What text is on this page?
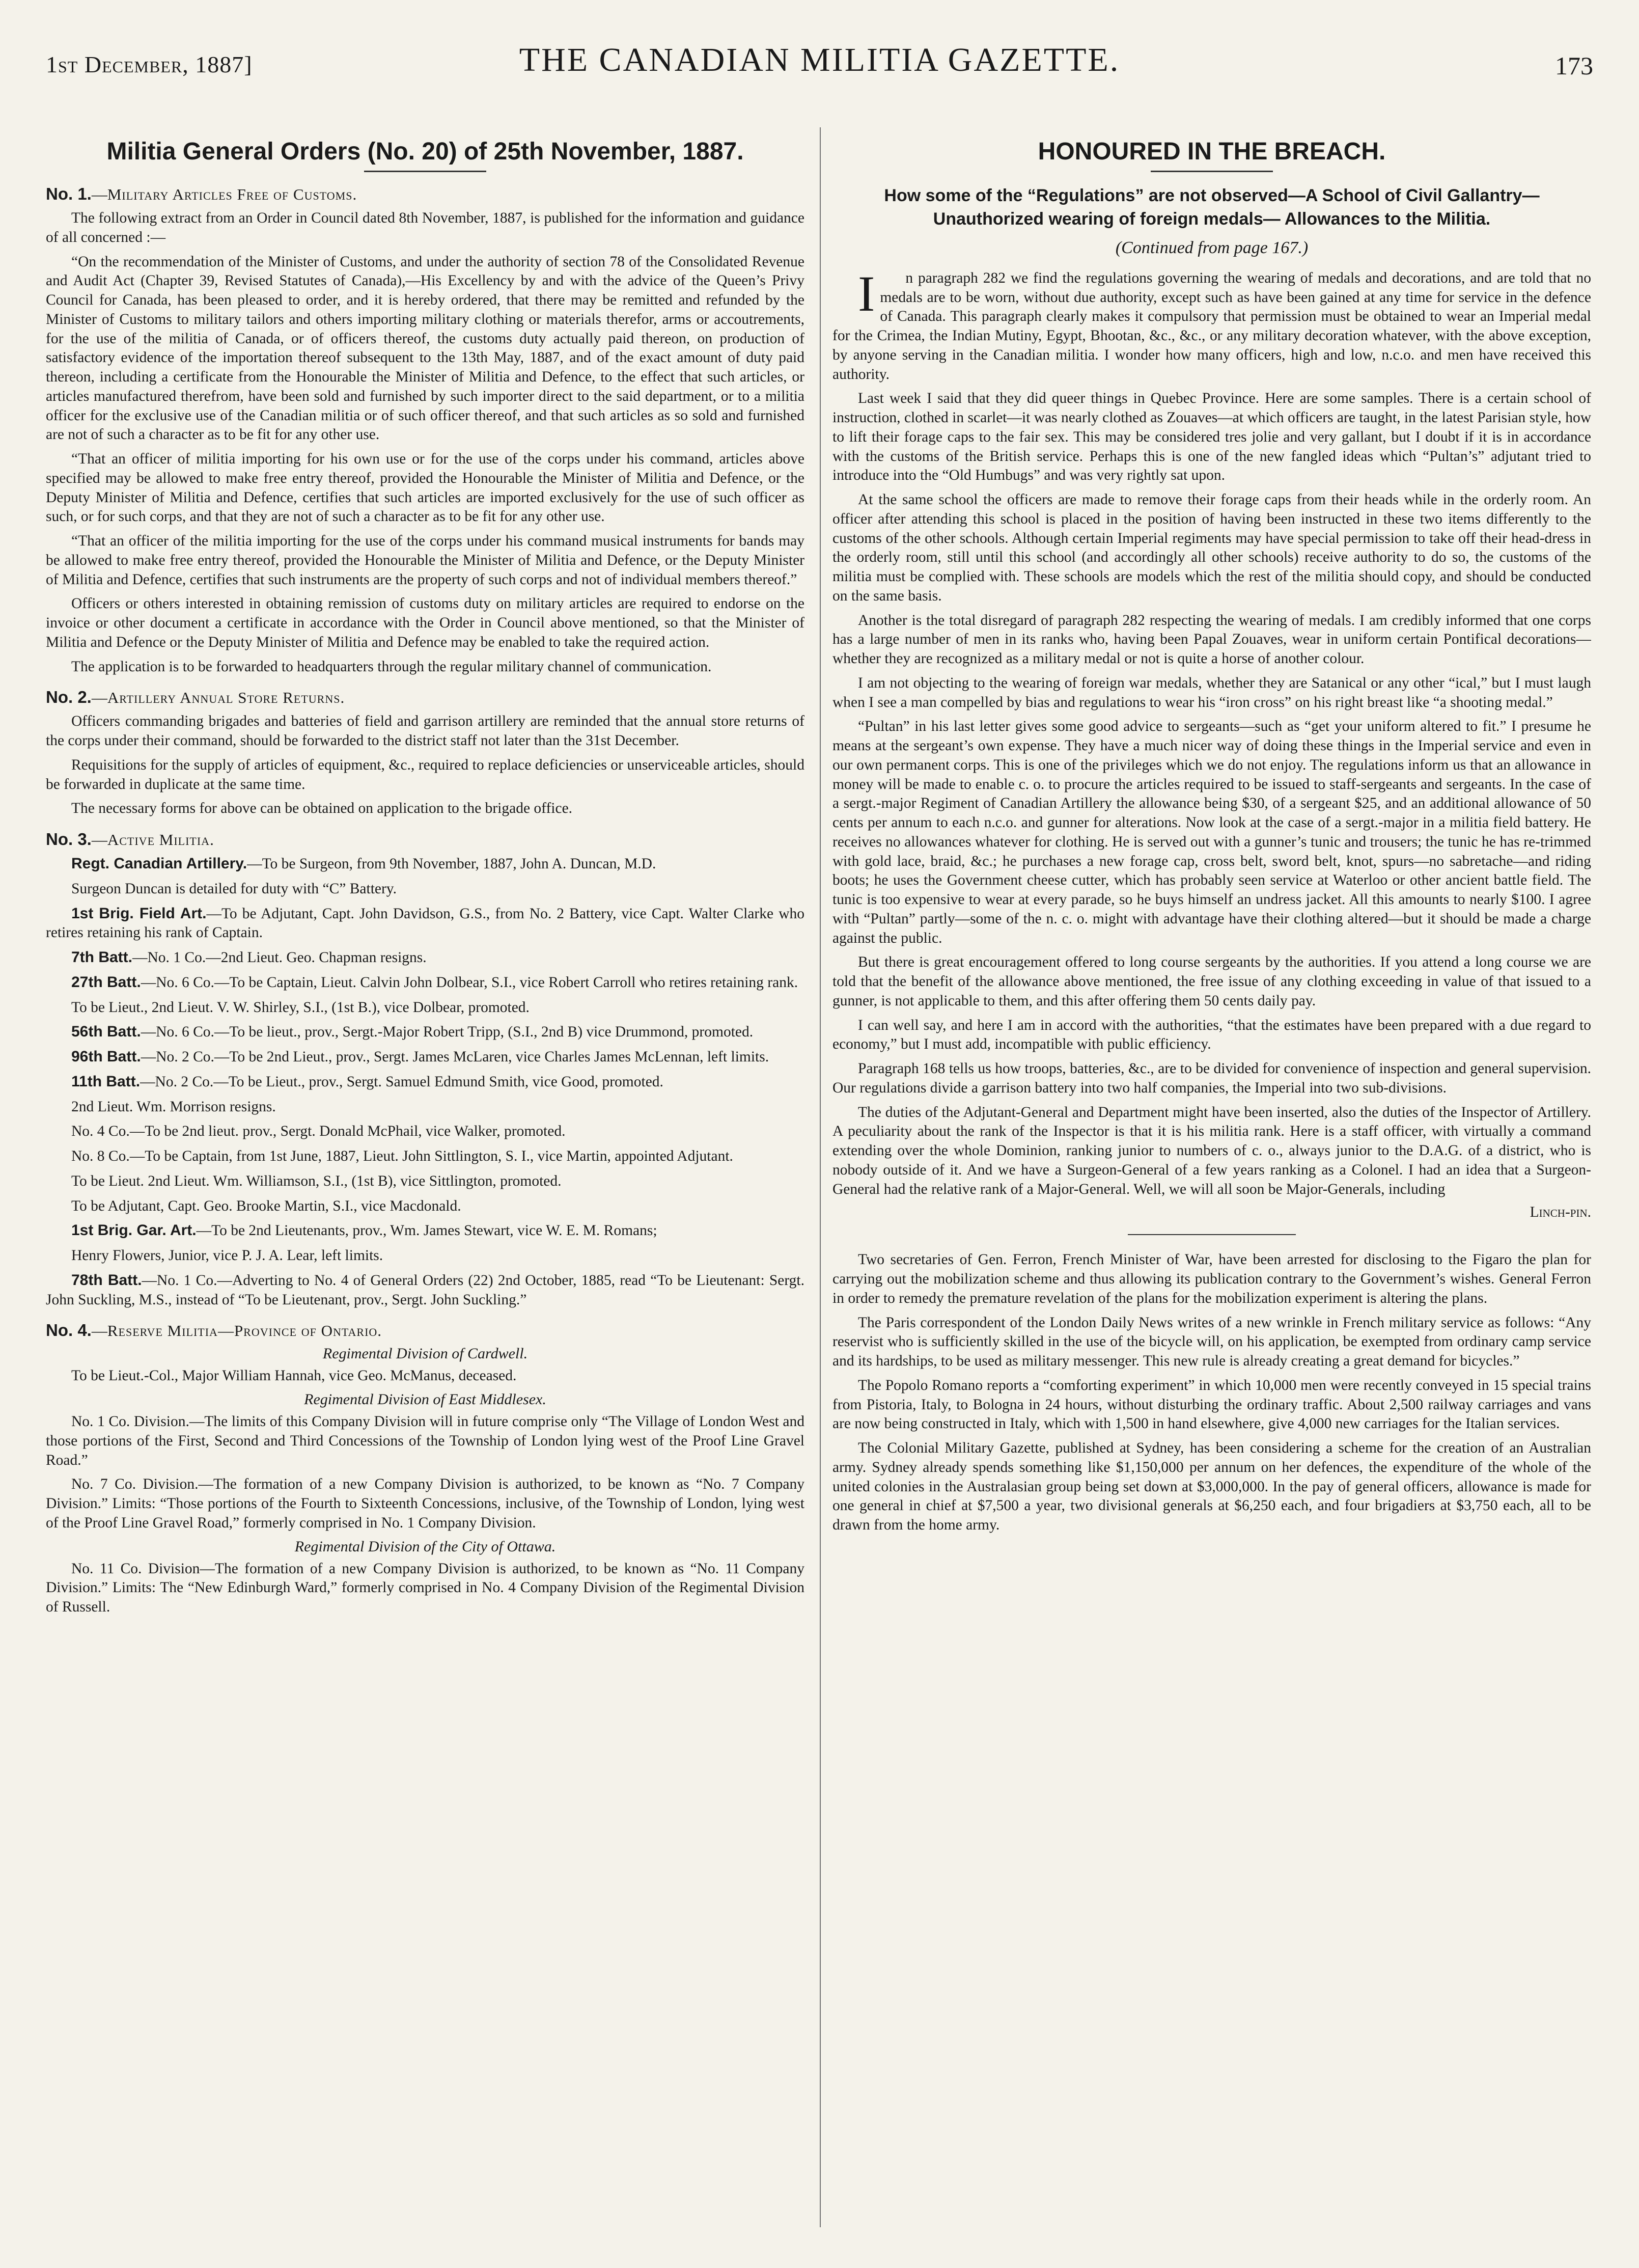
1st December, 1887]	THE CANADIAN MILITIA GAZETTE.	173
Militia General Orders (No. 20) of 25th November, 1887.
No. 1.—Military Articles Free of Customs.

The following extract from an Order in Council dated 8th November, 1887, is published for the information and guidance of all concerned :—

“On the recommendation of the Minister of Customs, and under the authority of section 78 of the Consolidated Revenue and Audit Act (Chapter 39, Revised Statutes of Canada),—His Excellency by and with the advice of the Queen’s Privy Council for Canada, has been pleased to order, and it is hereby ordered, that there may be remitted and refunded by the Minister of Customs to military tailors and others importing military clothing or materials therefor, arms or accoutrements, for the use of the militia of Canada, or of officers thereof, the customs duty actually paid thereon, on production of satisfactory evidence of the importation thereof subsequent to the 13th May, 1887, and of the exact amount of duty paid thereon, including a certificate from the Honourable the Minister of Militia and Defence, to the effect that such articles, or articles manufactured therefrom, have been sold and furnished by such importer direct to the said department, or to a militia officer for the exclusive use of the Canadian militia or of such officer thereof, and that such articles as so sold and furnished are not of such a character as to be fit for any other use.

“That an officer of militia importing for his own use or for the use of the corps under his command, articles above specified may be allowed to make free entry thereof, provided the Honourable the Minister of Militia and Defence, or the Deputy Minister of Militia and Defence, certifies that such articles are imported exclusively for the use of such officer as such, or for such corps, and that they are not of such a character as to be fit for any other use.

“That an officer of the militia importing for the use of the corps under his command musical instruments for bands may be allowed to make free entry thereof, provided the Honourable the Minister of Militia and Defence, or the Deputy Minister of Militia and Defence, certifies that such instruments are the property of such corps and not of individual members thereof.”

Officers or others interested in obtaining remission of customs duty on military articles are required to endorse on the invoice or other document a certificate in accordance with the Order in Council above mentioned, so that the Minister of Militia and Defence or the Deputy Minister of Militia and Defence may be enabled to take the required action.

The application is to be forwarded to headquarters through the regular military channel of communication.

No. 2.—Artillery Annual Store Returns.

Officers commanding brigades and batteries of field and garrison artillery are reminded that the annual store returns of the corps under their command, should be forwarded to the district staff not later than the 31st December.

Requisitions for the supply of articles of equipment, &c., required to replace deficiencies or unserviceable articles, should be forwarded in duplicate at the same time.

The necessary forms for above can be obtained on application to the brigade office.

No. 3.—Active Militia.

Regt. Canadian Artillery.—To be Surgeon, from 9th November, 1887, John A. Duncan, M.D.

Surgeon Duncan is detailed for duty with “C” Battery.

1st Brig. Field Art.—To be Adjutant, Capt. John Davidson, G.S., from No. 2 Battery, vice Capt. Walter Clarke who retires retaining his rank of Captain.

7th Batt.—No. 1 Co.—2nd Lieut. Geo. Chapman resigns.

27th Batt.—No. 6 Co.—To be Captain, Lieut. Calvin John Dolbear, S.I., vice Robert Carroll who retires retaining rank.

To be Lieut., 2nd Lieut. V. W. Shirley, S.I., (1st B.), vice Dolbear, promoted.

56th Batt.—No. 6 Co.—To be lieut., prov., Sergt.-Major Robert Tripp, (S.I., 2nd B) vice Drummond, promoted.

96th Batt.—No. 2 Co.—To be 2nd Lieut., prov., Sergt. James McLaren, vice Charles James McLennan, left limits.

11th Batt.—No. 2 Co.—To be Lieut., prov., Sergt. Samuel Edmund Smith, vice Good, promoted.

2nd Lieut. Wm. Morrison resigns.

No. 4 Co.—To be 2nd lieut. prov., Sergt. Donald McPhail, vice Walker, promoted.

No. 8 Co.—To be Captain, from 1st June, 1887, Lieut. John Sittlington, S. I., vice Martin, appointed Adjutant.

To be Lieut. 2nd Lieut. Wm. Williamson, S.I., (1st B), vice Sittlington, promoted.

To be Adjutant, Capt. Geo. Brooke Martin, S.I., vice Macdonald.

1st Brig. Gar. Art.—To be 2nd Lieutenants, prov., Wm. James Stewart, vice W. E. M. Romans;

Henry Flowers, Junior, vice P. J. A. Lear, left limits.

78th Batt.—No. 1 Co.—Adverting to No. 4 of General Orders (22) 2nd October, 1885, read “To be Lieutenant: Sergt. John Suckling, M.S., instead of “To be Lieutenant, prov., Sergt. John Suckling.”

No. 4.—Reserve Militia—Province of Ontario.
Regimental Division of Cardwell.

To be Lieut.-Col., Major William Hannah, vice Geo. McManus, deceased.

Regimental Division of East Middlesex.

No. 1 Co. Division.—The limits of this Company Division will in future comprise only “The Village of London West and those portions of the First, Second and Third Concessions of the Township of London lying west of the Proof Line Gravel Road.”

No. 7 Co. Division.—The formation of a new Company Division is authorized, to be known as “No. 7 Company Division.” Limits: “Those portions of the Fourth to Sixteenth Concessions, inclusive, of the Township of London, lying west of the Proof Line Gravel Road,” formerly comprised in No. 1 Company Division.

Regimental Division of the City of Ottawa.

No. 11 Co. Division—The formation of a new Company Division is authorized, to be known as “No. 11 Company Division.” Limits: The “New Edinburgh Ward,” formerly comprised in No. 4 Company Division of the Regimental Division of Russell.

HONOURED IN THE BREACH.
How some of the “Regulations” are not observed—A School of Civil Gallantry—Unauthorized wearing of foreign medals— Allowances to the Militia.
(Continued from page 167.)

In paragraph 282 we find the regulations governing the wearing of medals and decorations, and are told that no medals are to be worn, without due authority, except such as have been gained at any time for service in the defence of Canada. This paragraph clearly makes it compulsory that permission must be obtained to wear an Imperial medal for the Crimea, the Indian Mutiny, Egypt, Bhootan, &c., &c., or any military decoration whatever, with the above exception, by anyone serving in the Canadian militia. I wonder how many officers, high and low, n.c.o. and men have received this authority.

Last week I said that they did queer things in Quebec Province. Here are some samples. There is a certain school of instruction, clothed in scarlet—it was nearly clothed as Zouaves—at which officers are taught, in the latest Parisian style, how to lift their forage caps to the fair sex. This may be considered tres jolie and very gallant, but I doubt if it is in accordance with the customs of the British service. Perhaps this is one of the new fangled ideas which “Pultan’s” adjutant tried to introduce into the “Old Humbugs” and was very rightly sat upon.

At the same school the officers are made to remove their forage caps from their heads while in the orderly room. An officer after attending this school is placed in the position of having been instructed in these two items differently to the customs of the other schools. Although certain Imperial regiments may have special permission to take off their head-dress in the orderly room, still until this school (and accordingly all other schools) receive authority to do so, the customs of the militia must be complied with. These schools are models which the rest of the militia should copy, and should be conducted on the same basis.

Another is the total disregard of paragraph 282 respecting the wearing of medals. I am credibly informed that one corps has a large number of men in its ranks who, having been Papal Zouaves, wear in uniform certain Pontifical decorations—whether they are recognized as a military medal or not is quite a horse of another colour.

I am not objecting to the wearing of foreign war medals, whether they are Satanical or any other “ical,” but I must laugh when I see a man compelled by bias and regulations to wear his “iron cross” on his right breast like “a shooting medal.”

“Pultan” in his last letter gives some good advice to sergeants—such as “get your uniform altered to fit.” I presume he means at the sergeant’s own expense. They have a much nicer way of doing these things in the Imperial service and even in our own permanent corps. This is one of the privileges which we do not enjoy. The regulations inform us that an allowance in money will be made to enable c. o. to procure the articles required to be issued to staff-sergeants and sergeants. In the case of a sergt.-major Regiment of Canadian Artillery the allowance being $30, of a sergeant $25, and an additional allowance of 50 cents per annum to each n.c.o. and gunner for alterations. Now look at the case of a sergt.-major in a militia field battery. He receives no allowances whatever for clothing. He is served out with a gunner’s tunic and trousers; the tunic he has re-trimmed with gold lace, braid, &c.; he purchases a new forage cap, cross belt, sword belt, knot, spurs—no sabretache—and riding boots; he uses the Government cheese cutter, which has probably seen service at Waterloo or other ancient battle field. The tunic is too expensive to wear at every parade, so he buys himself an undress jacket. All this amounts to nearly $100. I agree with “Pultan” partly—some of the n. c. o. might with advantage have their clothing altered—but it should be made a charge against the public.

But there is great encouragement offered to long course sergeants by the authorities. If you attend a long course we are told that the benefit of the allowance above mentioned, the free issue of any clothing exceeding in value of that issued to a gunner, is not applicable to them, and this after offering them 50 cents daily pay.

I can well say, and here I am in accord with the authorities, “that the estimates have been prepared with a due regard to economy,” but I must add, incompatible with public efficiency.

Paragraph 168 tells us how troops, batteries, &c., are to be divided for convenience of inspection and general supervision. Our regulations divide a garrison battery into two half companies, the Imperial into two sub-divisions.

The duties of the Adjutant-General and Department might have been inserted, also the duties of the Inspector of Artillery. A peculiarity about the rank of the Inspector is that it is his militia rank. Here is a staff officer, with virtually a command extending over the whole Dominion, ranking junior to numbers of c. o., always junior to the D.A.G. of a district, who is nobody outside of it. And we have a Surgeon-General of a few years ranking as a Colonel. I had an idea that a Surgeon-General had the relative rank of a Major-General. Well, we will all soon be Major-Generals, including

Linch-pin.

Two secretaries of Gen. Ferron, French Minister of War, have been arrested for disclosing to the Figaro the plan for carrying out the mobilization scheme and thus allowing its publication contrary to the Government’s wishes. General Ferron in order to remedy the premature revelation of the plans for the mobilization experiment is altering the plans.

The Paris correspondent of the London Daily News writes of a new wrinkle in French military service as follows: “Any reservist who is sufficiently skilled in the use of the bicycle will, on his application, be exempted from ordinary camp service and its hardships, to be used as military messenger. This new rule is already creating a great demand for bicycles.”

The Popolo Romano reports a “comforting experiment” in which 10,000 men were recently conveyed in 15 special trains from Pistoria, Italy, to Bologna in 24 hours, without disturbing the ordinary traffic. About 2,500 railway carriages and vans are now being constructed in Italy, which with 1,500 in hand elsewhere, give 4,000 new carriages for the Italian services.

The Colonial Military Gazette, published at Sydney, has been considering a scheme for the creation of an Australian army. Sydney already spends something like $1,150,000 per annum on her defences, the expenditure of the whole of the united colonies in the Australasian group being set down at $3,000,000. In the pay of general officers, allowance is made for one general in chief at $7,500 a year, two divisional generals at $6,250 each, and four brigadiers at $3,750 each, all to be drawn from the home army.
